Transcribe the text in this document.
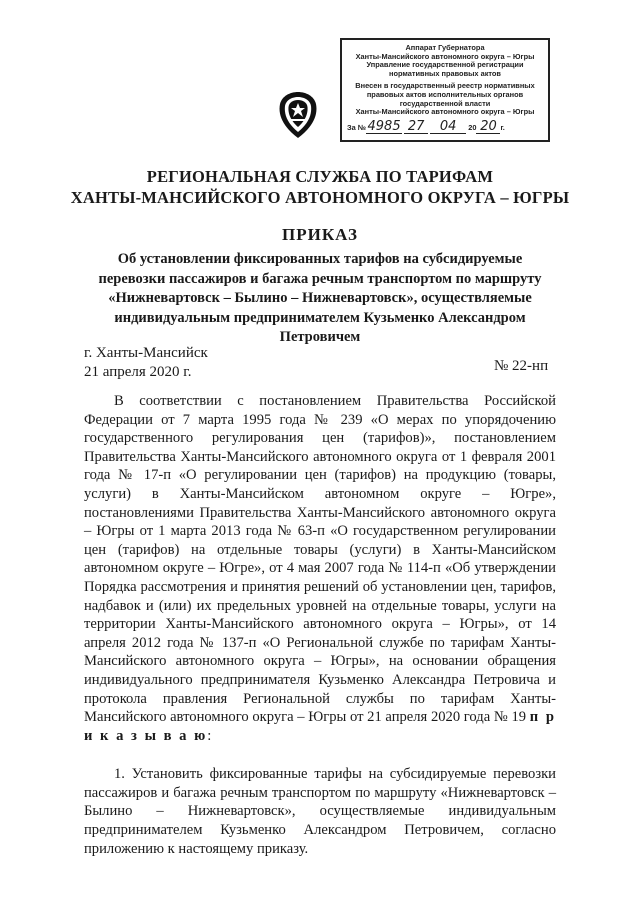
Аппарат Губернатора
Ханты-Мансийского автономного округа – Югры
Управление государственной регистрации
нормативных правовых актов
Внесен в государственный реестр нормативных
правовых актов исполнительных органов
государственной власти
Ханты-Мансийского автономного округа – Югры
За №4985 27 04 20 20 г.
РЕГИОНАЛЬНАЯ СЛУЖБА ПО ТАРИФАМ
ХАНТЫ-МАНСИЙСКОГО АВТОНОМНОГО ОКРУГА – ЮГРЫ
ПРИКАЗ
Об установлении фиксированных тарифов на субсидируемые
перевозки пассажиров и багажа речным транспортом по маршруту
«Нижневартовск – Былино – Нижневартовск», осуществляемые
индивидуальным предпринимателем Кузьменко Александром
Петровичем
г. Ханты-Мансийск
21 апреля 2020 г.	№ 22-нп

В соответствии с постановлением Правительства Российской Федерации от 7 марта 1995 года № 239 «О мерах по упорядочению государственного регулирования цен (тарифов)», постановлением Правительства Ханты-Мансийского автономного округа от 1 февраля 2001 года № 17-п «О регулировании цен (тарифов) на продукцию (товары, услуги) в Ханты-Мансийском автономном округе – Югре», постановлениями Правительства Ханты-Мансийского автономного округа – Югры от 1 марта 2013 года № 63-п «О государственном регулировании цен (тарифов) на отдельные товары (услуги) в Ханты-Мансийском автономном округе – Югре», от 4 мая 2007 года № 114-п «Об утверждении Порядка рассмотрения и принятия решений об установлении цен, тарифов, надбавок и (или) их предельных уровней на отдельные товары, услуги на территории Ханты-Мансийского автономного округа – Югры», от 14 апреля 2012 года № 137-п «О Региональной службе по тарифам Ханты-Мансийского автономного округа – Югры», на основании обращения индивидуального предпринимателя Кузьменко Александра Петровича и протокола правления Региональной службы по тарифам Ханты-Мансийского автономного округа – Югры от 21 апреля 2020 года № 19 п р и к а з ы в а ю:

1. Установить фиксированные тарифы на субсидируемые перевозки пассажиров и багажа речным транспортом по маршруту «Нижневартовск – Былино – Нижневартовск», осуществляемые индивидуальным предпринимателем Кузьменко Александром Петровичем, согласно приложению к настоящему приказу.
